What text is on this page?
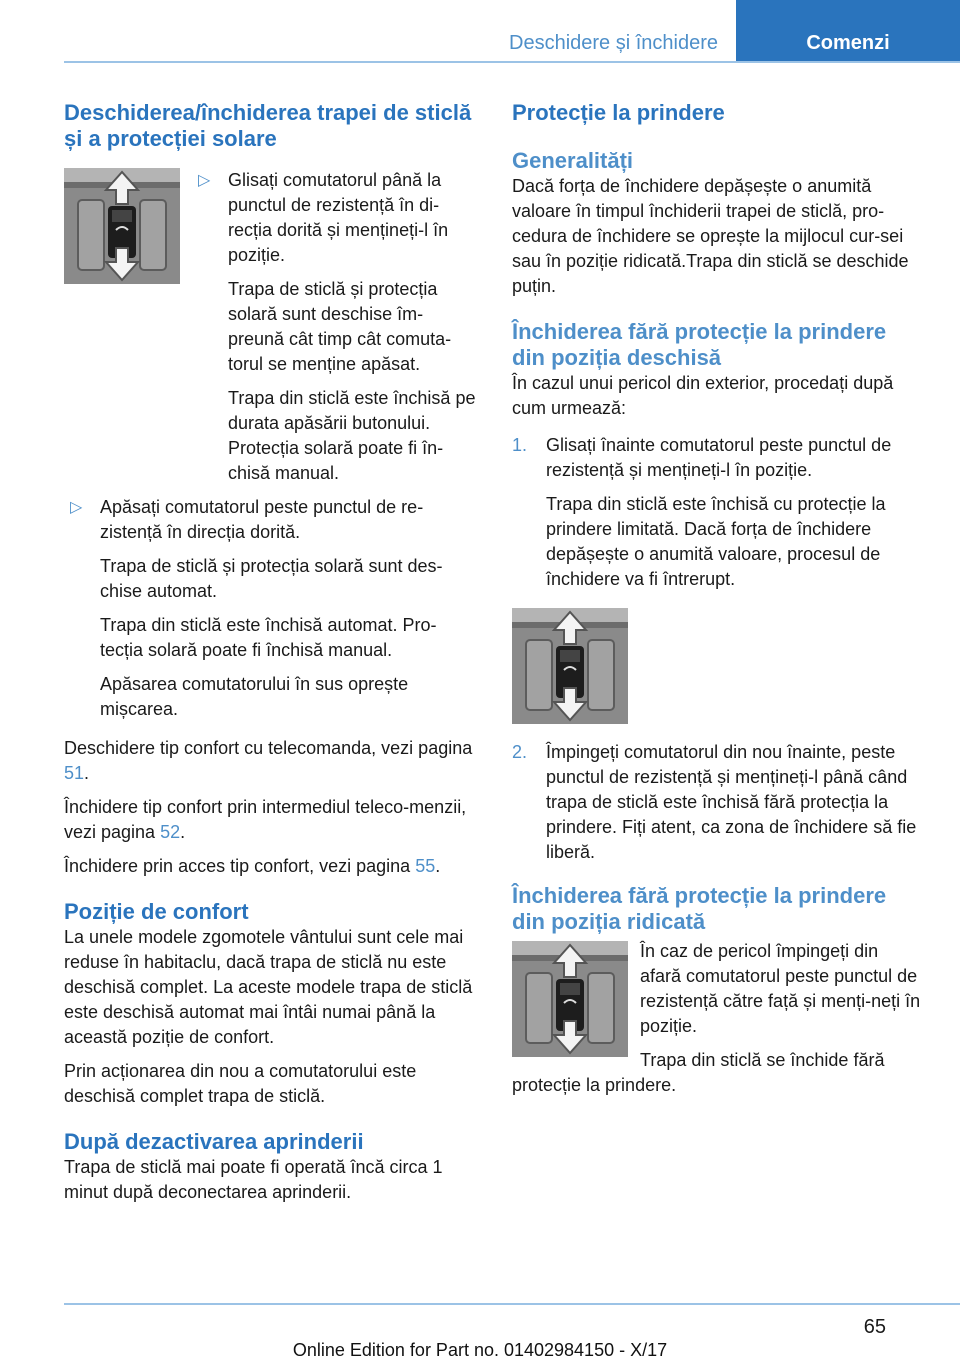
Deschidere și închidere	Comenzi
Deschiderea/închiderea trapei de sticlă și a protecției solare
▷ Glisați comutatorul până la punctul de rezistență în di‐recția dorită și mențineți-l în poziție.

Trapa de sticlă și protecția solară sunt deschise îm‐preună cât timp cât comuta‐torul se menține apăsat.

Trapa din sticlă este închisă pe durata apăsării butonului. Protecția solară poate fi în‐chisă manual.

▷ Apăsați comutatorul peste punctul de re‐zistență în direcția dorită.

Trapa de sticlă și protecția solară sunt des‐chise automat.

Trapa din sticlă este închisă automat. Pro‐tecția solară poate fi închisă manual.

Apăsarea comutatorului în sus oprește mișcarea.

Deschidere tip confort cu telecomanda, vezi pagina 51.

Închidere tip confort prin intermediul teleco‐menzii, vezi pagina 52.

Închidere prin acces tip confort, vezi pagina 55.

Poziție de confort

La unele modele zgomotele vântului sunt cele mai reduse în habitaclu, dacă trapa de sticlă nu este deschisă complet. La aceste modele trapa de sticlă este deschisă automat mai întâi numai până la această poziție de confort.

Prin acționarea din nou a comutatorului este deschisă complet trapa de sticlă.

După dezactivarea aprinderii

Trapa de sticlă mai poate fi operată încă circa 1 minut după deconectarea aprinderii.

Protecție la prindere
Generalități

Dacă forța de închidere depășește o anumită valoare în timpul închiderii trapei de sticlă, pro‐cedura de închidere se oprește la mijlocul cur‐sei sau în poziție ridicată.Trapa din sticlă se deschide puțin.

Închiderea fără protecție la prindere din poziția deschisă

În cazul unui pericol din exterior, procedați după cum urmează:

1. Glisați înainte comutatorul peste punctul de rezistență și mențineți-l în poziție.

Trapa din sticlă este închisă cu protecție la prindere limitată. Dacă forța de închidere depășește o anumită valoare, procesul de închidere va fi întrerupt.

2. Împingeți comutatorul din nou înainte, peste punctul de rezistență și mențineți-l până când trapa de sticlă este închisă fără protecția la prindere. Fiți atent, ca zona de închidere să fie liberă.

Închiderea fără protecție la prindere din poziția ridicată

În caz de pericol împingeți din afară comutatorul peste punctul de rezistență către față și menți‐neți în poziție.

Trapa din sticlă se închide fără protecție la prindere.

65
Online Edition for Part no. 01402984150 - X/17
